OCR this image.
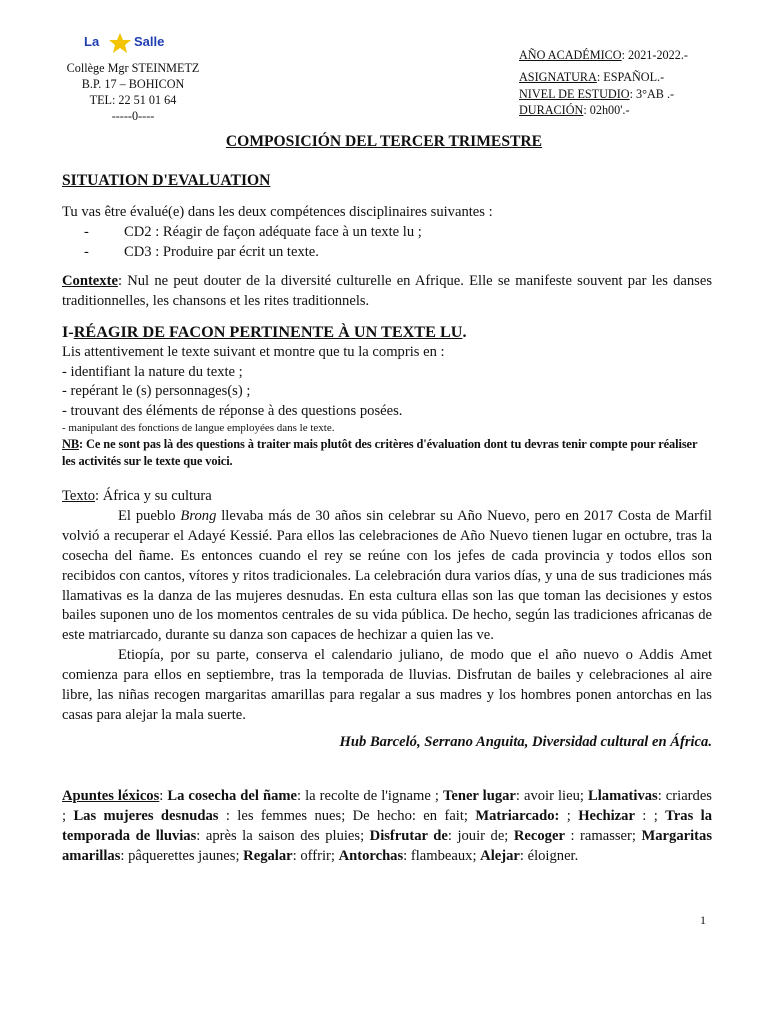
La	Salle
Collège Mgr STEINMETZ
B.P. 17 – BOHICON
TEL: 22 51 01 64
-----0----
AÑO ACADÉMICO: 2021-2022.-
ASIGNATURA: ESPAÑOL.-
NIVEL DE ESTUDIO: 3°AB .-
DURACIÓN: 02h00'.-
COMPOSICIÓN DEL TERCER TRIMESTRE
SITUATION D'EVALUATION
Tu vas être évalué(e) dans les deux compétences disciplinaires suivantes :
- CD2 : Réagir de façon adéquate face à un texte lu ;
- CD3 : Produire par écrit un texte.
Contexte: Nul ne peut douter de la diversité culturelle en Afrique. Elle se manifeste souvent par les danses traditionnelles, les chansons et les rites traditionnels.
I-RÉAGIR DE FACON PERTINENTE À UN TEXTE LU.
Lis attentivement le texte suivant et montre que tu la compris en :
- identifiant la nature du texte ;
- repérant le (s) personnages(s) ;
- trouvant des éléments de réponse à des questions posées.
- manipulant des fonctions de langue employées dans le texte.
NB: Ce ne sont pas là des questions à traiter mais plutôt des critères d'évaluation dont tu devras tenir compte pour réaliser les activités sur le texte que voici.
Texto: África y su cultura
El pueblo Brong llevaba más de 30 años sin celebrar su Año Nuevo, pero en 2017 Costa de Marfil volvió a recuperar el Adayé Kessié. Para ellos las celebraciones de Año Nuevo tienen lugar en octubre, tras la cosecha del ñame. Es entonces cuando el rey se reúne con los jefes de cada provincia y todos ellos son recibidos con cantos, vítores y ritos tradicionales. La celebración dura varios días, y una de sus tradiciones más llamativas es la danza de las mujeres desnudas. En esta cultura ellas son las que toman las decisiones y estos bailes suponen uno de los momentos centrales de su vida pública. De hecho, según las tradiciones africanas de este matriarcado, durante su danza son capaces de hechizar a quien las ve.
Etiopía, por su parte, conserva el calendario juliano, de modo que el año nuevo o Addis Amet comienza para ellos en septiembre, tras la temporada de lluvias. Disfrutan de bailes y celebraciones al aire libre, las niñas recogen margaritas amarillas para regalar a sus madres y los hombres ponen antorchas en las casas para alejar la mala suerte.
Hub Barceló, Serrano Anguita, Diversidad cultural en África.
Apuntes léxicos: La cosecha del ñame: la recolte de l'igname ; Tener lugar: avoir lieu; Llamativas: criardes ; Las mujeres desnudas : les femmes nues; De hecho: en fait; Matriarcado: ; Hechizar : ; Tras la temporada de lluvias: après la saison des pluies; Disfrutar de: jouir de; Recoger : ramasser; Margaritas amarillas: pâquerettes jaunes; Regalar: offrir; Antorchas: flambeaux; Alejar: éloigner.
1
